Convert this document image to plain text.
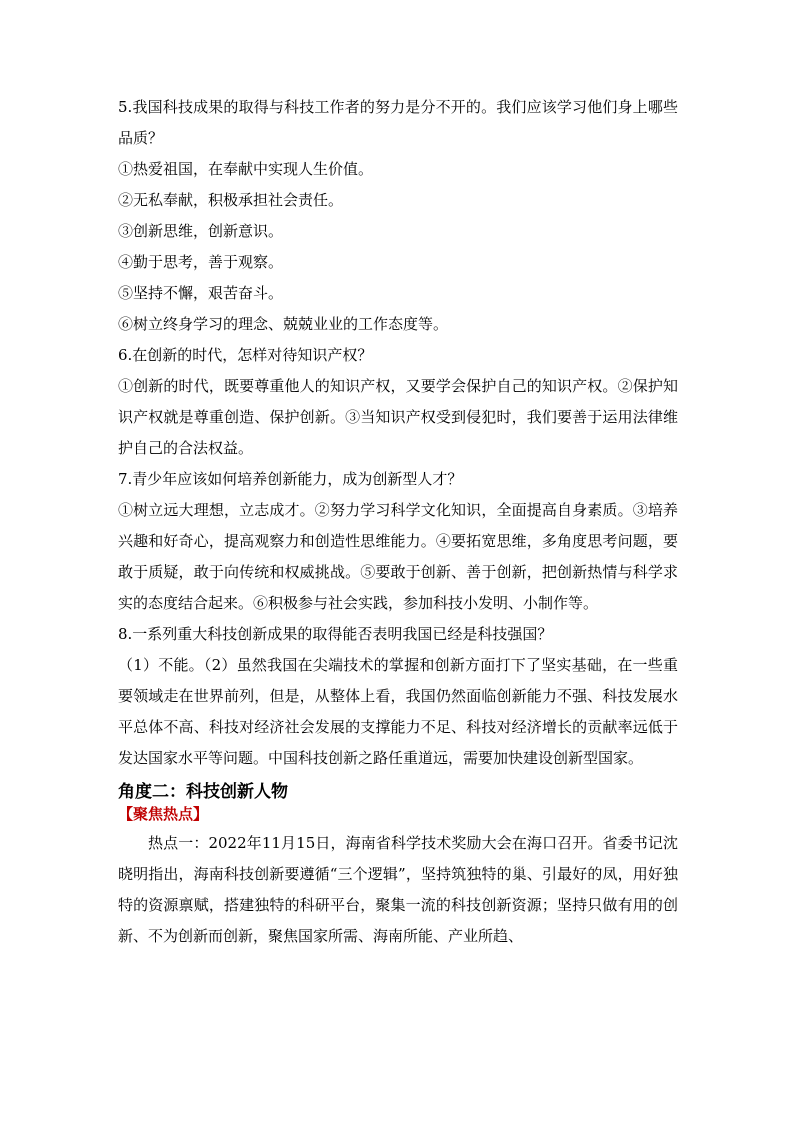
5.我国科技成果的取得与科技工作者的努力是分不开的。我们应该学习他们身上哪些品质？

①热爱祖国，在奉献中实现人生价值。

②无私奉献，积极承担社会责任。

③创新思维，创新意识。

④勤于思考，善于观察。

⑤坚持不懈，艰苦奋斗。

⑥树立终身学习的理念、兢兢业业的工作态度等。

6.在创新的时代，怎样对待知识产权？

①创新的时代，既要尊重他人的知识产权，又要学会保护自己的知识产权。②保护知识产权就是尊重创造、保护创新。③当知识产权受到侵犯时，我们要善于运用法律维护自己的合法权益。

7.青少年应该如何培养创新能力，成为创新型人才？

①树立远大理想，立志成才。②努力学习科学文化知识，全面提高自身素质。③培养兴趣和好奇心，提高观察力和创造性思维能力。④要拓宽思维，多角度思考问题，要敢于质疑，敢于向传统和权威挑战。⑤要敢于创新、善于创新，把创新热情与科学求实的态度结合起来。⑥积极参与社会实践，参加科技小发明、小制作等。

8.一系列重大科技创新成果的取得能否表明我国已经是科技强国？

（1）不能。（2）虽然我国在尖端技术的掌握和创新方面打下了坚实基础，在一些重要领域走在世界前列，但是，从整体上看，我国仍然面临创新能力不强、科技发展水平总体不高、科技对经济社会发展的支撑能力不足、科技对经济增长的贡献率远低于发达国家水平等问题。中国科技创新之路任重道远，需要加快建设创新型国家。

角度二：科技创新人物
【聚焦热点】

热点一：2022年11月15日，海南省科学技术奖励大会在海口召开。省委书记沈晓明指出，海南科技创新要遵循“三个逻辑”，坚持筑独特的巢、引最好的凤，用好独特的资源禀赋，搭建独特的科研平台，聚集一流的科技创新资源；坚持只做有用的创新、不为创新而创新，聚焦国家所需、海南所能、产业所趋、
